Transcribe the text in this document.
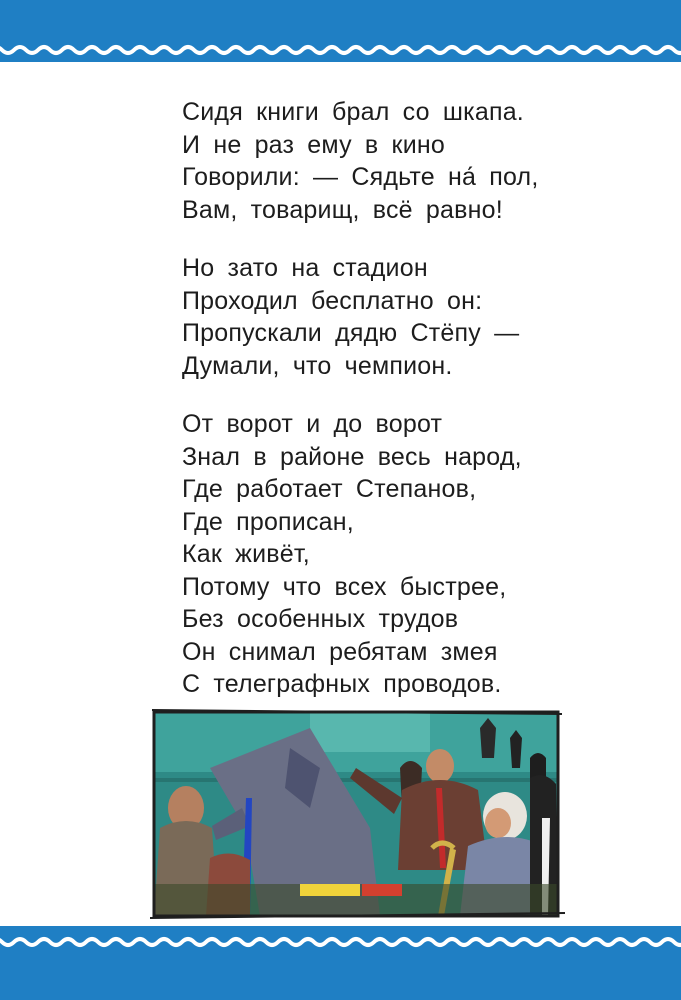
Сидя книги брал со шкапа.
И не раз ему в кино
Говорили: — Сядьте на́ пол,
Вам, товарищ, всё равно!
Но зато на стадион
Проходил бесплатно он:
Пропускали дядю Стёпу —
Думали, что чемпион.
От ворот и до ворот
Знал в районе весь народ,
Где работает Степанов,
Где прописан,
Как живёт,
Потому что всех быстрее,
Без особенных трудов
Он снимал ребятам змея
С телеграфных проводов.
